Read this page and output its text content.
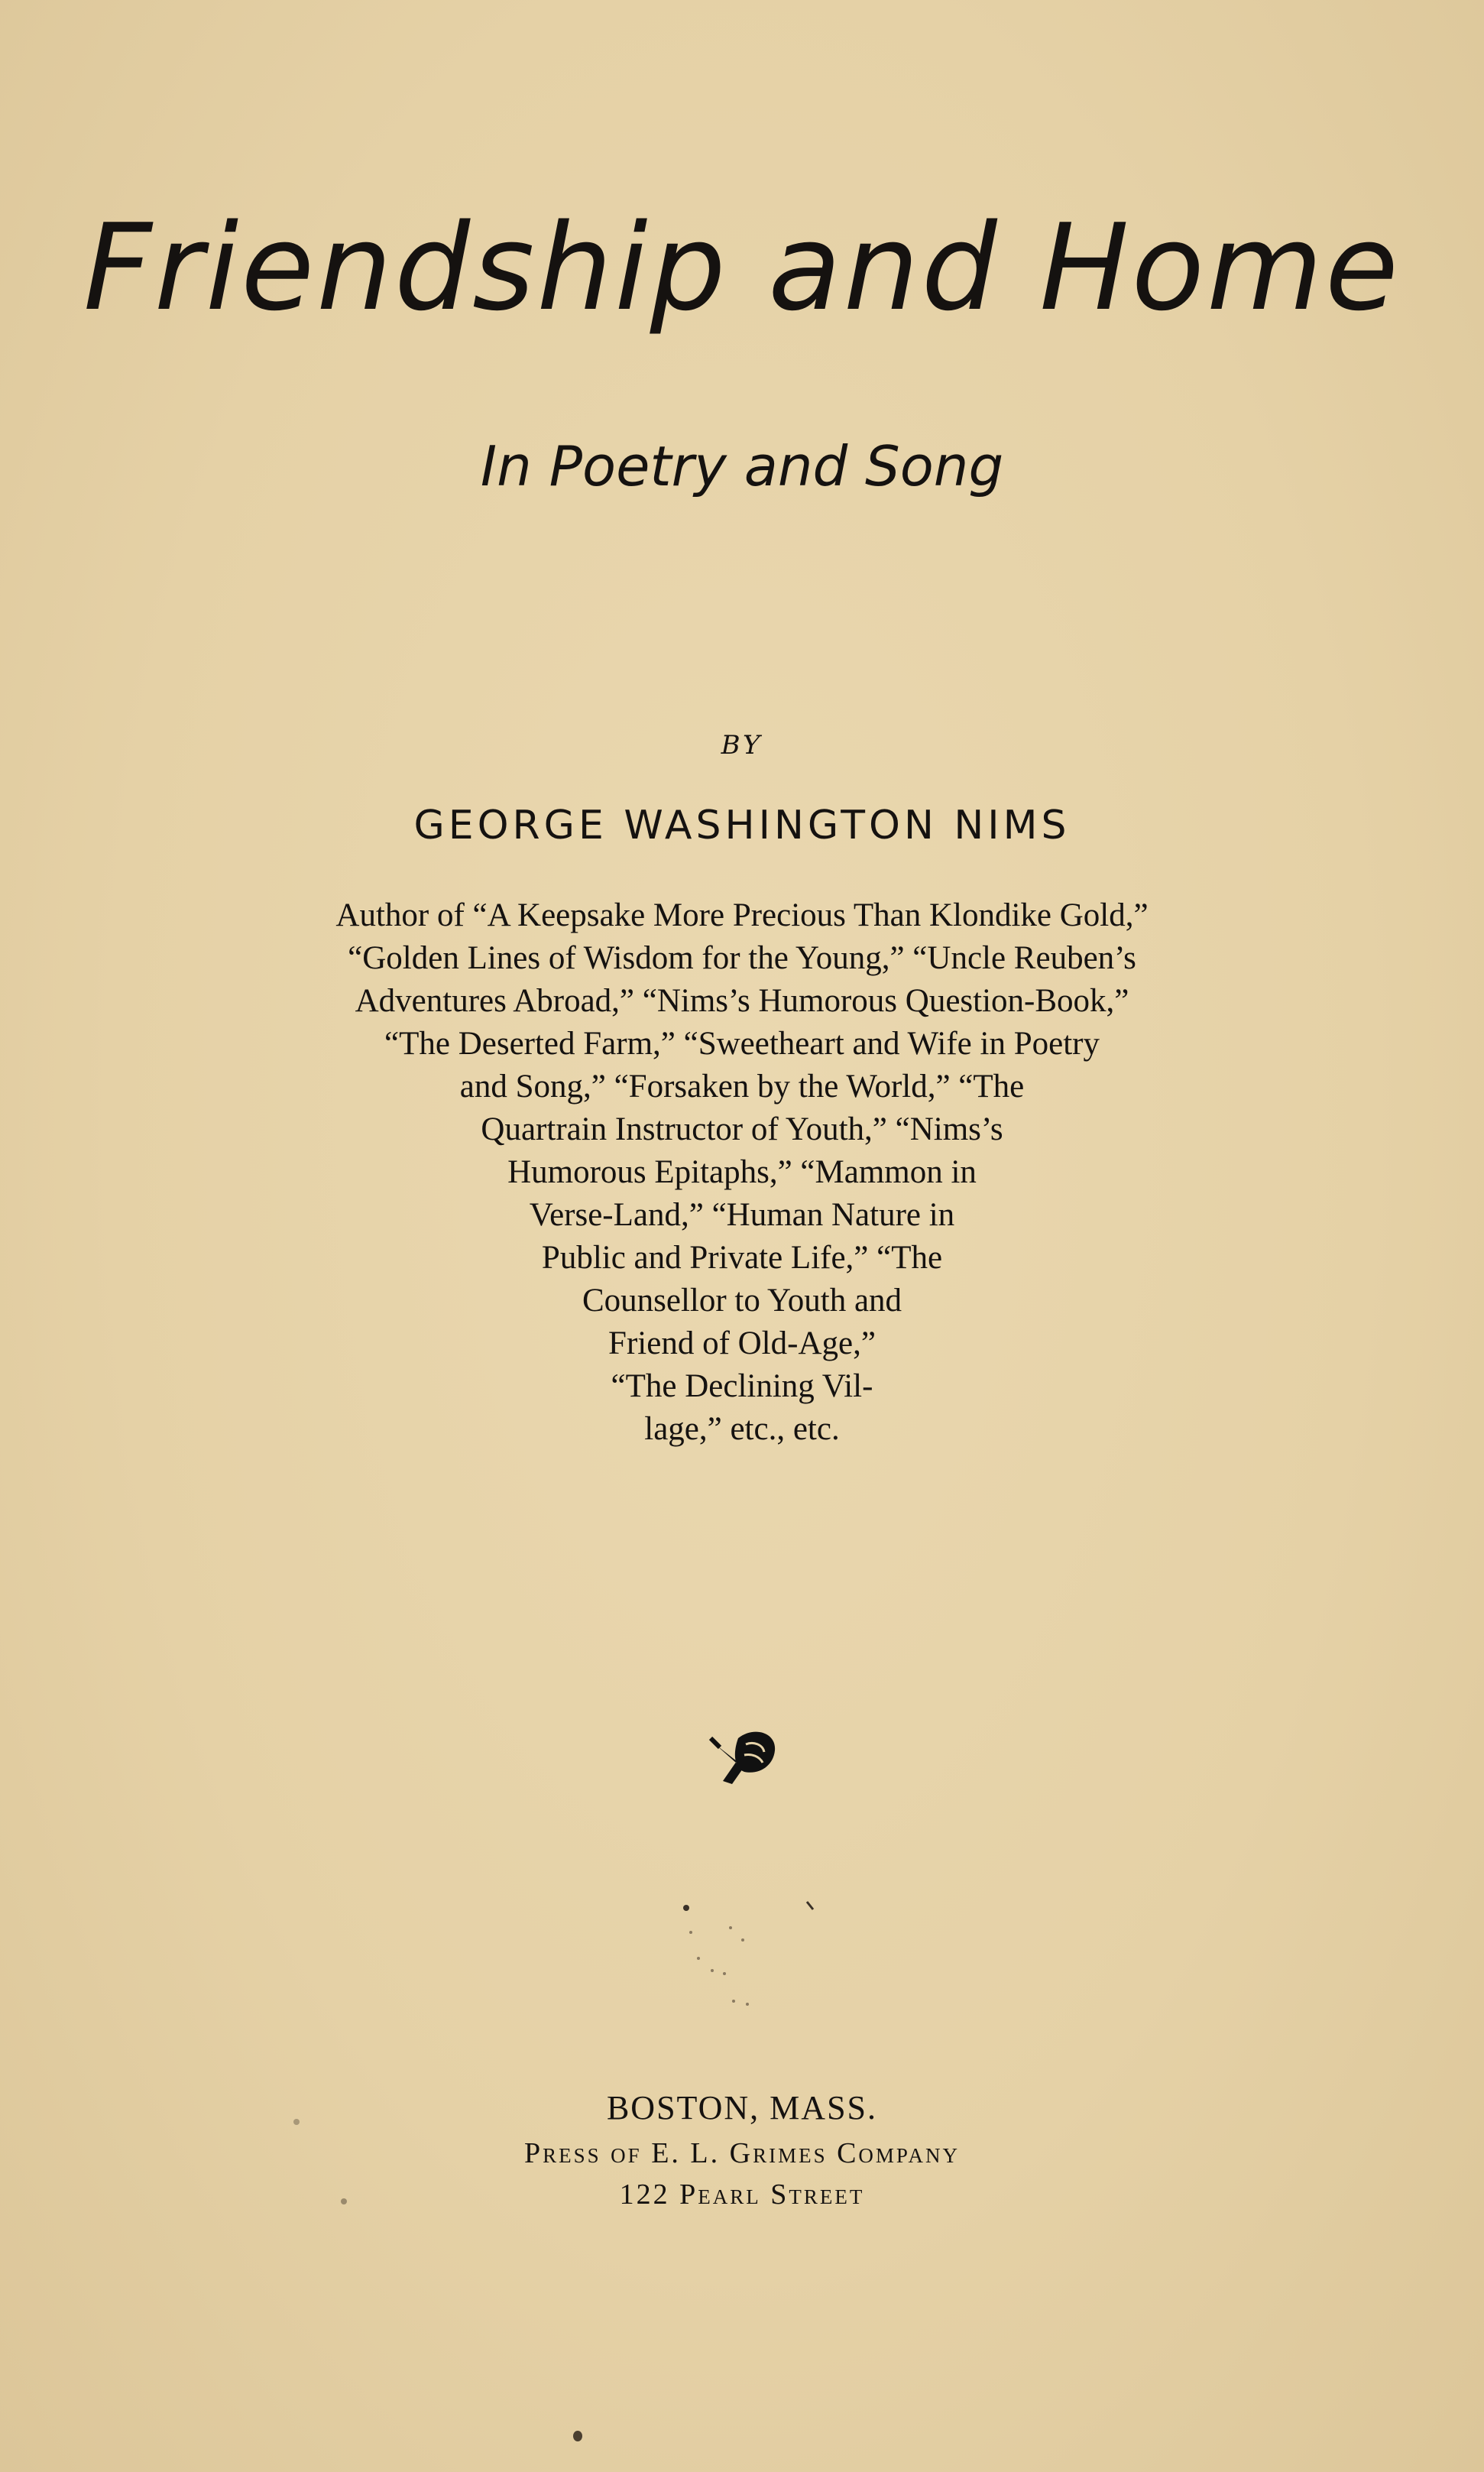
Friendship and Home
In Poetry and Song
BY
GEORGE WASHINGTON NIMS
Author of “A Keepsake More Precious Than Klondike Gold,”
“Golden Lines of Wisdom for the Young,” “Uncle Reuben’s
Adventures Abroad,” “Nims’s Humorous Question-Book,”
“The Deserted Farm,” “Sweetheart and Wife in Poetry
and Song,” “Forsaken by the World,” “The
Quartrain Instructor of Youth,” “Nims’s
Humorous Epitaphs,” “Mammon in
Verse-Land,” “Human Nature in
Public and Private Life,” “The
Counsellor to Youth and
Friend of Old-Age,”
“The Declining Vil-
lage,” etc., etc.
BOSTON, MASS.
Press of E. L. Grimes Company
122 Pearl Street
